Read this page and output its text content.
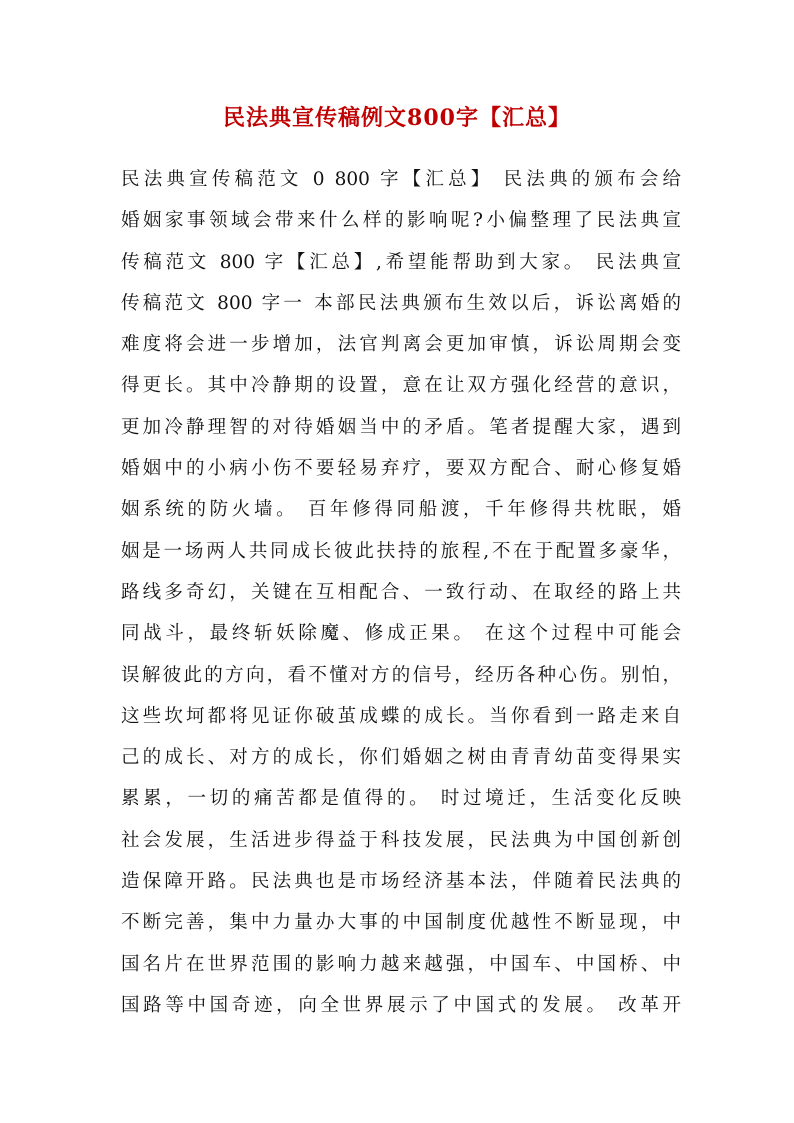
民法典宣传稿例文800字【汇总】
民法典宣传稿范文 0 800 字【汇总】 民法典的颁布会给
婚姻家事领域会带来什么样的影响呢?小偏整理了民法典宣
传稿范文 800 字【汇总】,希望能帮助到大家。 民法典宣
传稿范文 800 字一 本部民法典颁布生效以后，诉讼离婚的
难度将会进一步增加，法官判离会更加审慎，诉讼周期会变
得更长。其中冷静期的设置，意在让双方强化经营的意识，
更加冷静理智的对待婚姻当中的矛盾。笔者提醒大家，遇到
婚姻中的小病小伤不要轻易弃疗，要双方配合、耐心修复婚
姻系统的防火墙。 百年修得同船渡，千年修得共枕眠，婚
姻是一场两人共同成长彼此扶持的旅程,不在于配置多豪华，
路线多奇幻，关键在互相配合、一致行动、在取经的路上共
同战斗，最终斩妖除魔、修成正果。 在这个过程中可能会
误解彼此的方向，看不懂对方的信号，经历各种心伤。别怕，
这些坎坷都将见证你破茧成蝶的成长。当你看到一路走来自
己的成长、对方的成长，你们婚姻之树由青青幼苗变得果实
累累，一切的痛苦都是值得的。 时过境迁，生活变化反映
社会发展，生活进步得益于科技发展，民法典为中国创新创
造保障开路。民法典也是市场经济基本法，伴随着民法典的
不断完善，集中力量办大事的中国制度优越性不断显现，中
国名片在世界范围的影响力越来越强，中国车、中国桥、中
国路等中国奇迹，向全世界展示了中国式的发展。 改革开
